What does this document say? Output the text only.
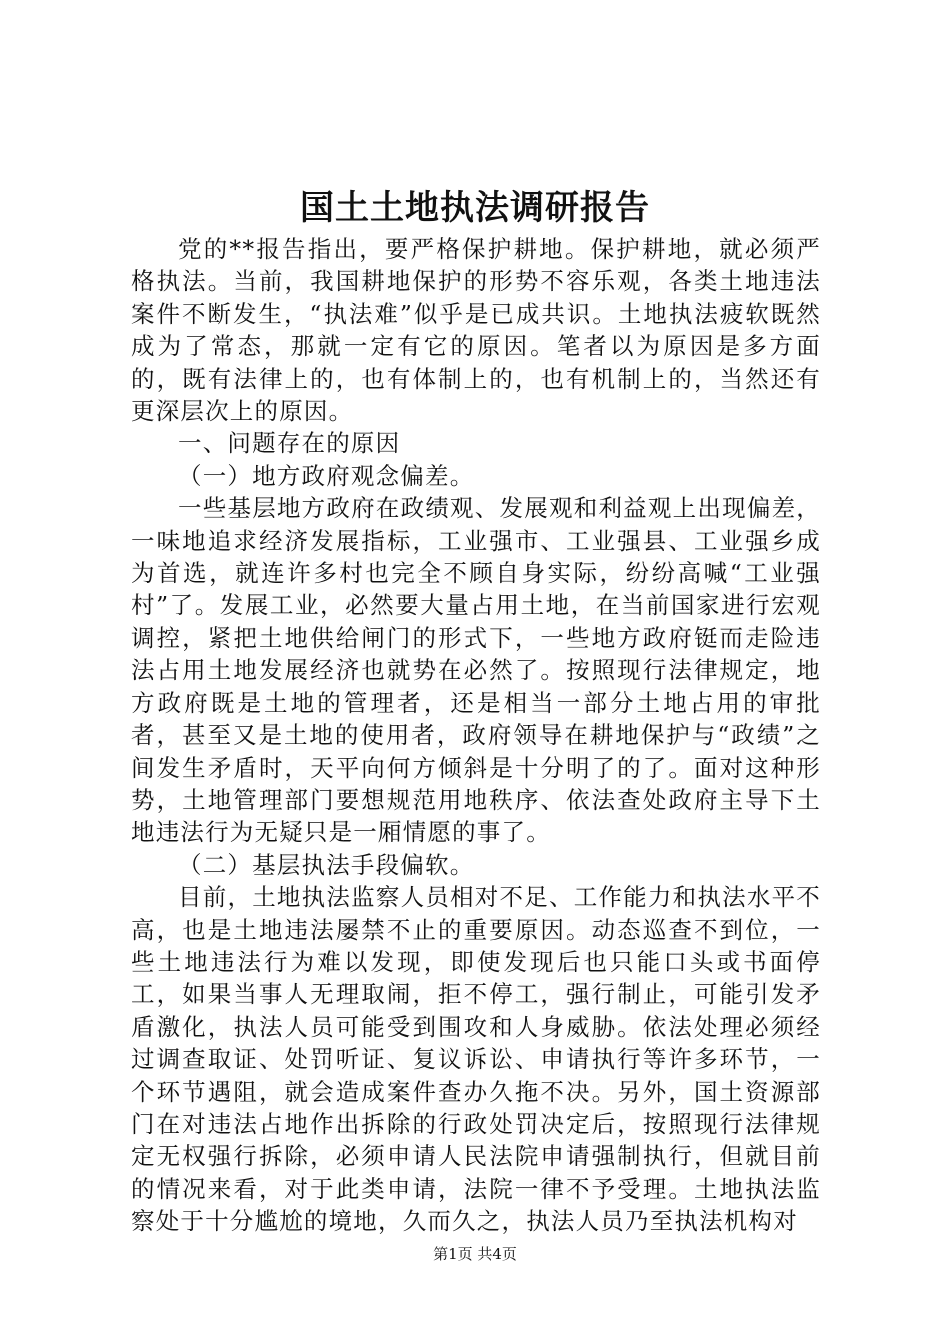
国土土地执法调研报告

党的**报告指出，要严格保护耕地。保护耕地，就必须严格执法。当前，我国耕地保护的形势不容乐观，各类土地违法案件不断发生，“执法难”似乎是已成共识。土地执法疲软既然成为了常态，那就一定有它的原因。笔者以为原因是多方面的，既有法律上的，也有体制上的，也有机制上的，当然还有更深层次上的原因。

一、问题存在的原因

（一）地方政府观念偏差。

一些基层地方政府在政绩观、发展观和利益观上出现偏差，一味地追求经济发展指标，工业强市、工业强县、工业强乡成为首选，就连许多村也完全不顾自身实际，纷纷高喊“工业强村”了。发展工业，必然要大量占用土地，在当前国家进行宏观调控，紧把土地供给闸门的形式下，一些地方政府铤而走险违法占用土地发展经济也就势在必然了。按照现行法律规定，地方政府既是土地的管理者，还是相当一部分土地占用的审批者，甚至又是土地的使用者，政府领导在耕地保护与“政绩”之间发生矛盾时，天平向何方倾斜是十分明了的了。面对这种形势，土地管理部门要想规范用地秩序、依法查处政府主导下土地违法行为无疑只是一厢情愿的事了。

（二）基层执法手段偏软。

目前，土地执法监察人员相对不足、工作能力和执法水平不高，也是土地违法屡禁不止的重要原因。动态巡查不到位，一些土地违法行为难以发现，即使发现后也只能口头或书面停工，如果当事人无理取闹，拒不停工，强行制止，可能引发矛盾激化，执法人员可能受到围攻和人身威胁。依法处理必须经过调查取证、处罚听证、复议诉讼、申请执行等许多环节，一个环节遇阻，就会造成案件查办久拖不决。另外，国土资源部门在对违法占地作出拆除的行政处罚决定后，按照现行法律规定无权强行拆除，必须申请人民法院申请强制执行，但就目前的情况来看，对于此类申请，法院一律不予受理。土地执法监察处于十分尴尬的境地，久而久之，执法人员乃至执法机构对

第1页 共4页
